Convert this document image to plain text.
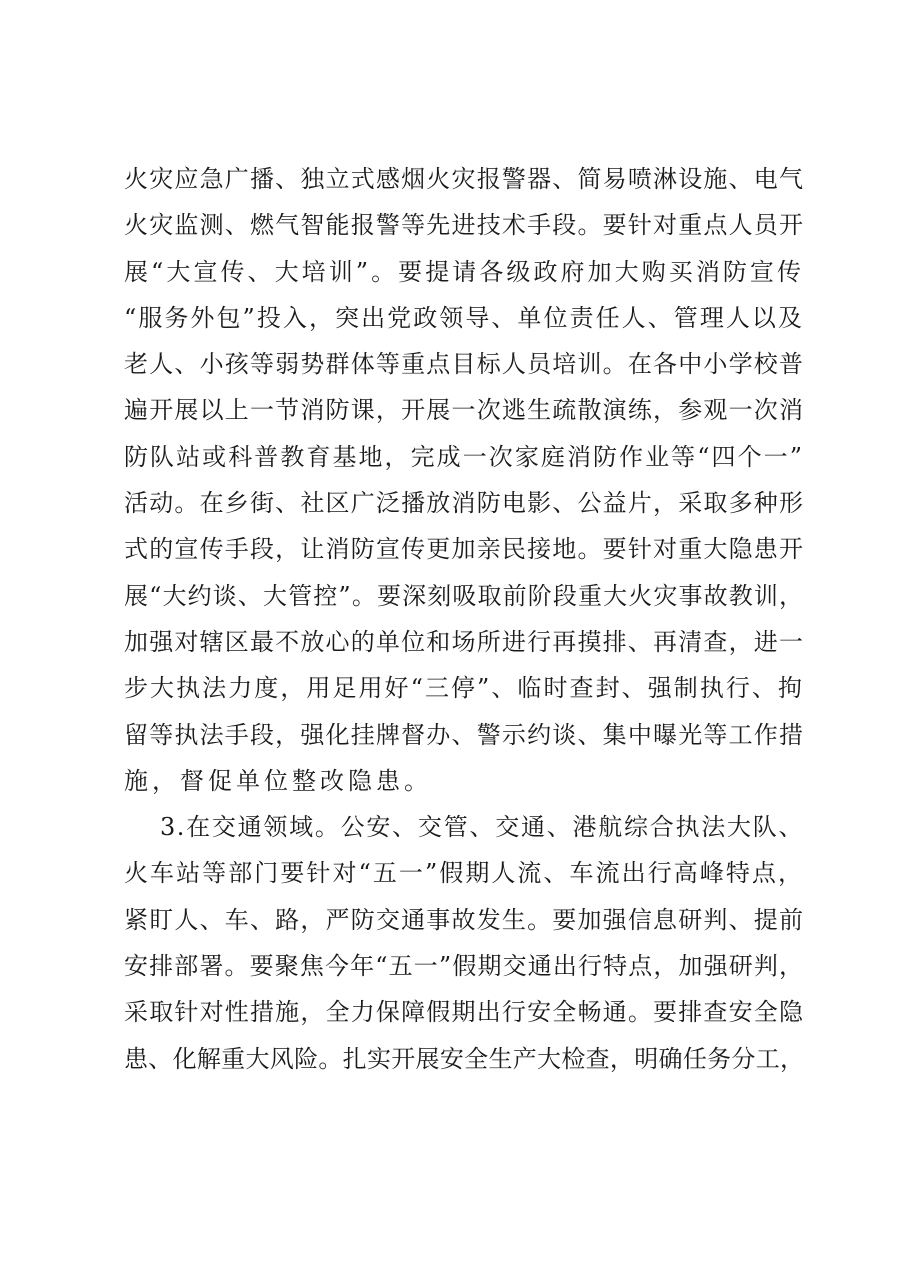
火灾应急广播、独立式感烟火灾报警器、简易喷淋设施、电气
火灾监测、燃气智能报警等先进技术手段。要针对重点人员开
展“大宣传、大培训”。要提请各级政府加大购买消防宣传
“服务外包”投入，突出党政领导、单位责任人、管理人以及
老人、小孩等弱势群体等重点目标人员培训。在各中小学校普
遍开展以上一节消防课，开展一次逃生疏散演练，参观一次消
防队站或科普教育基地，完成一次家庭消防作业等“四个一”
活动。在乡街、社区广泛播放消防电影、公益片，采取多种形
式的宣传手段，让消防宣传更加亲民接地。要针对重大隐患开
展“大约谈、大管控”。要深刻吸取前阶段重大火灾事故教训，
加强对辖区最不放心的单位和场所进行再摸排、再清查，进一
步大执法力度，用足用好“三停”、临时查封、强制执行、拘
留等执法手段，强化挂牌督办、警示约谈、集中曝光等工作措
施，督促单位整改隐患。
3.在交通领域。公安、交管、交通、港航综合执法大队、
火车站等部门要针对“五一”假期人流、车流出行高峰特点，
紧盯人、车、路，严防交通事故发生。要加强信息研判、提前
安排部署。要聚焦今年“五一”假期交通出行特点，加强研判，
采取针对性措施，全力保障假期出行安全畅通。要排查安全隐
患、化解重大风险。扎实开展安全生产大检查，明确任务分工，
